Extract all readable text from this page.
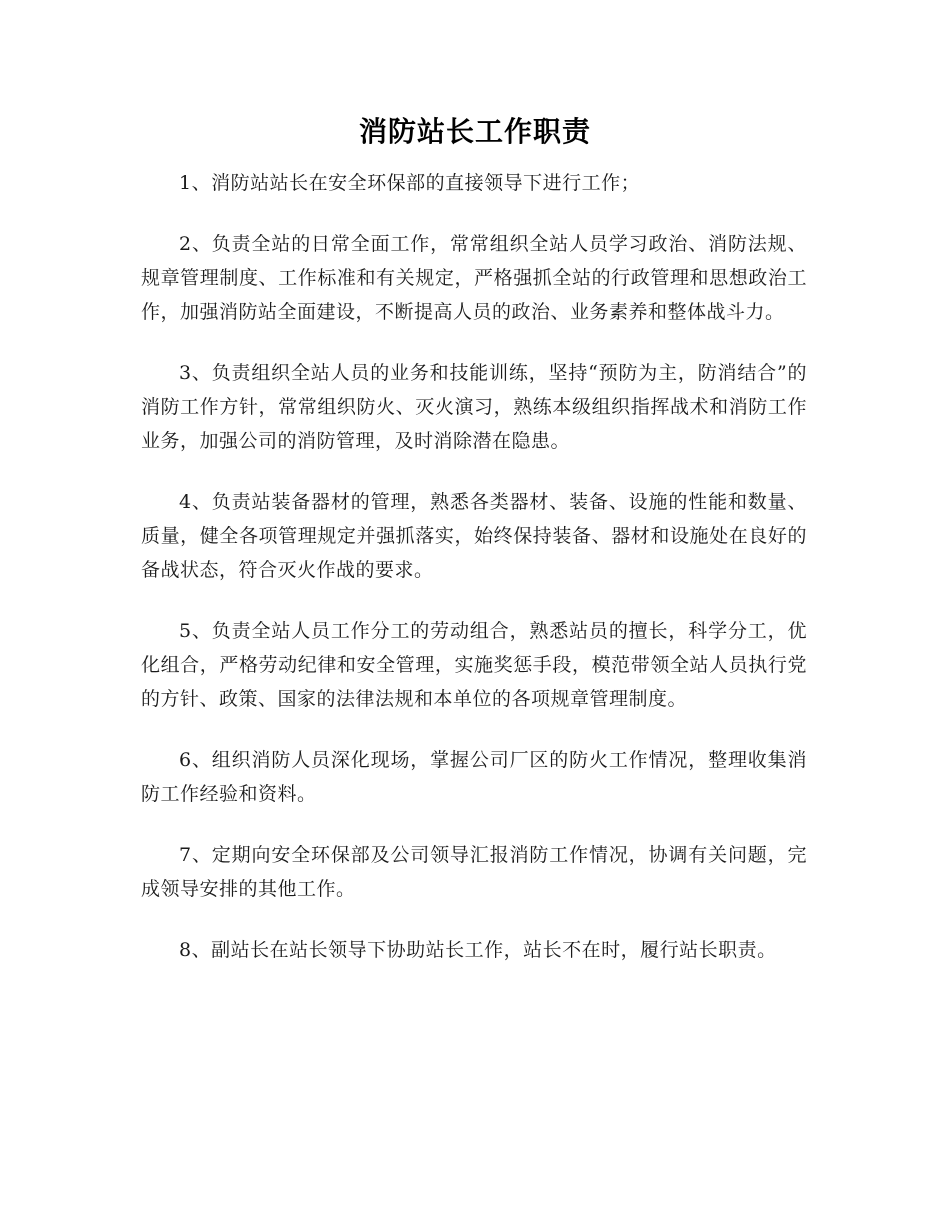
消防站长工作职责

1、消防站站长在安全环保部的直接领导下进行工作；

2、负责全站的日常全面工作，常常组织全站人员学习政治、消防法规、规章管理制度、工作标准和有关规定，严格强抓全站的行政管理和思想政治工作，加强消防站全面建设，不断提高人员的政治、业务素养和整体战斗力。

3、负责组织全站人员的业务和技能训练，坚持“预防为主，防消结合”的消防工作方针，常常组织防火、灭火演习，熟练本级组织指挥战术和消防工作业务，加强公司的消防管理，及时消除潜在隐患。

4、负责站装备器材的管理，熟悉各类器材、装备、设施的性能和数量、质量，健全各项管理规定并强抓落实，始终保持装备、器材和设施处在良好的备战状态，符合灭火作战的要求。

5、负责全站人员工作分工的劳动组合，熟悉站员的擅长，科学分工，优化组合，严格劳动纪律和安全管理，实施奖惩手段，模范带领全站人员执行党的方针、政策、国家的法律法规和本单位的各项规章管理制度。

6、组织消防人员深化现场，掌握公司厂区的防火工作情况，整理收集消防工作经验和资料。

7、定期向安全环保部及公司领导汇报消防工作情况，协调有关问题，完成领导安排的其他工作。

8、副站长在站长领导下协助站长工作，站长不在时，履行站长职责。
